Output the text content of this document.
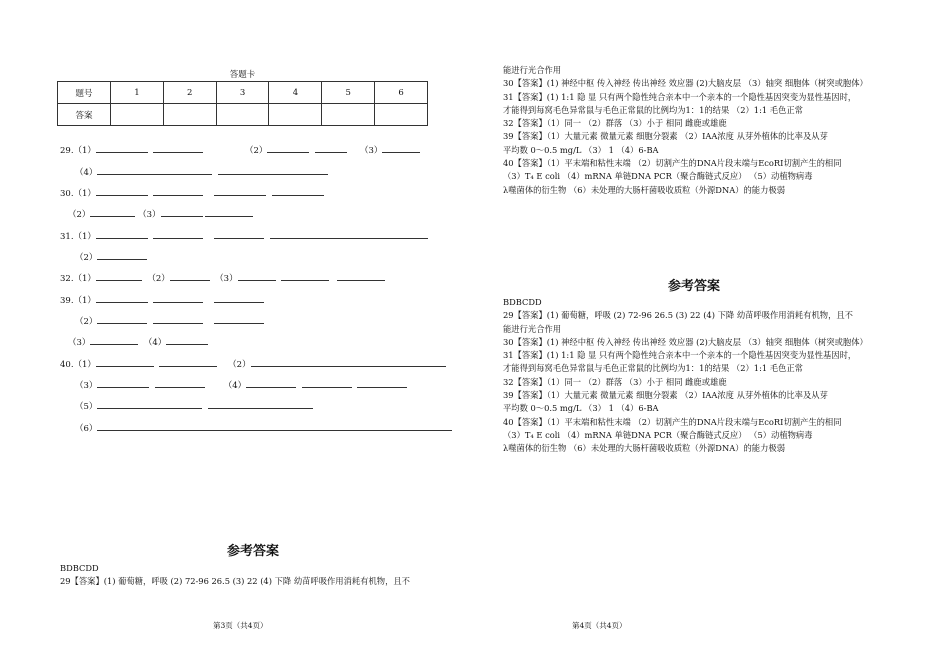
答题卡
题号	1	2	3	4	5	6
答案						
29.（1）	（2）	（3）
（4）
30.（1）
（2）	（3）
31.（1）
（2）
32.（1）	（2）	（3）
39.（1）
（2）
（3）	（4）
40.（1）	（2）
（3）	（4）
（5）
（6）
参考答案
BDBCDD
29【答案】(1) 葡萄糖，呼吸 (2) 72-96 26.5 (3) 22 (4) 下降 幼苗呼吸作用消耗有机物，且不
第3页（共4页）

能进行光合作用

30【答案】(1) 神经中枢 传入神经 传出神经 效应器 (2)大脑皮层 （3）轴突 细胞体（树突或胞体）

31【答案】(1) 1:1 隐 显 只有两个隐性纯合亲本中一个亲本的一个隐性基因突变为显性基因时，

才能得到每窝毛色异常鼠与毛色正常鼠的比例均为1：1的结果 （2）1:1 毛色正常

32【答案】（1）同一 （2）群落 （3）小于 相同 雌鹿或雄鹿

39【答案】（1）大量元素 微量元素 细胞分裂素 （2）IAA浓度 从芽外植体的比率及从芽

平均数 0～0.5 mg/L （3） 1 （4）6-BA

40【答案】（1）平末端和粘性末端 （2）切割产生的DNA片段末端与EcoRⅠ切割产生的相同

（3）T₄ E coli （4）mRNA 单链DNA PCR（聚合酶链式反应） （5）动植物病毒

λ噬菌体的衍生物 （6）未处理的大肠杆菌吸收质粒（外源DNA）的能力极弱

参考答案

BDBCDD

29【答案】(1) 葡萄糖，呼吸 (2) 72-96 26.5 (3) 22 (4) 下降 幼苗呼吸作用消耗有机物，且不

能进行光合作用

30【答案】(1) 神经中枢 传入神经 传出神经 效应器 (2)大脑皮层 （3）轴突 细胞体（树突或胞体）

31【答案】(1) 1:1 隐 显 只有两个隐性纯合亲本中一个亲本的一个隐性基因突变为显性基因时，

才能得到每窝毛色异常鼠与毛色正常鼠的比例均为1：1的结果 （2）1:1 毛色正常

32【答案】（1）同一 （2）群落 （3）小于 相同 雌鹿或雄鹿

39【答案】（1）大量元素 微量元素 细胞分裂素 （2）IAA浓度 从芽外植体的比率及从芽

平均数 0～0.5 mg/L （3） 1 （4）6-BA

40【答案】（1）平末端和粘性末端 （2）切割产生的DNA片段末端与EcoRⅠ切割产生的相同

（3）T₄ E coli （4）mRNA 单链DNA PCR（聚合酶链式反应） （5）动植物病毒

λ噬菌体的衍生物 （6）未处理的大肠杆菌吸收质粒（外源DNA）的能力极弱

第4页（共4页）
